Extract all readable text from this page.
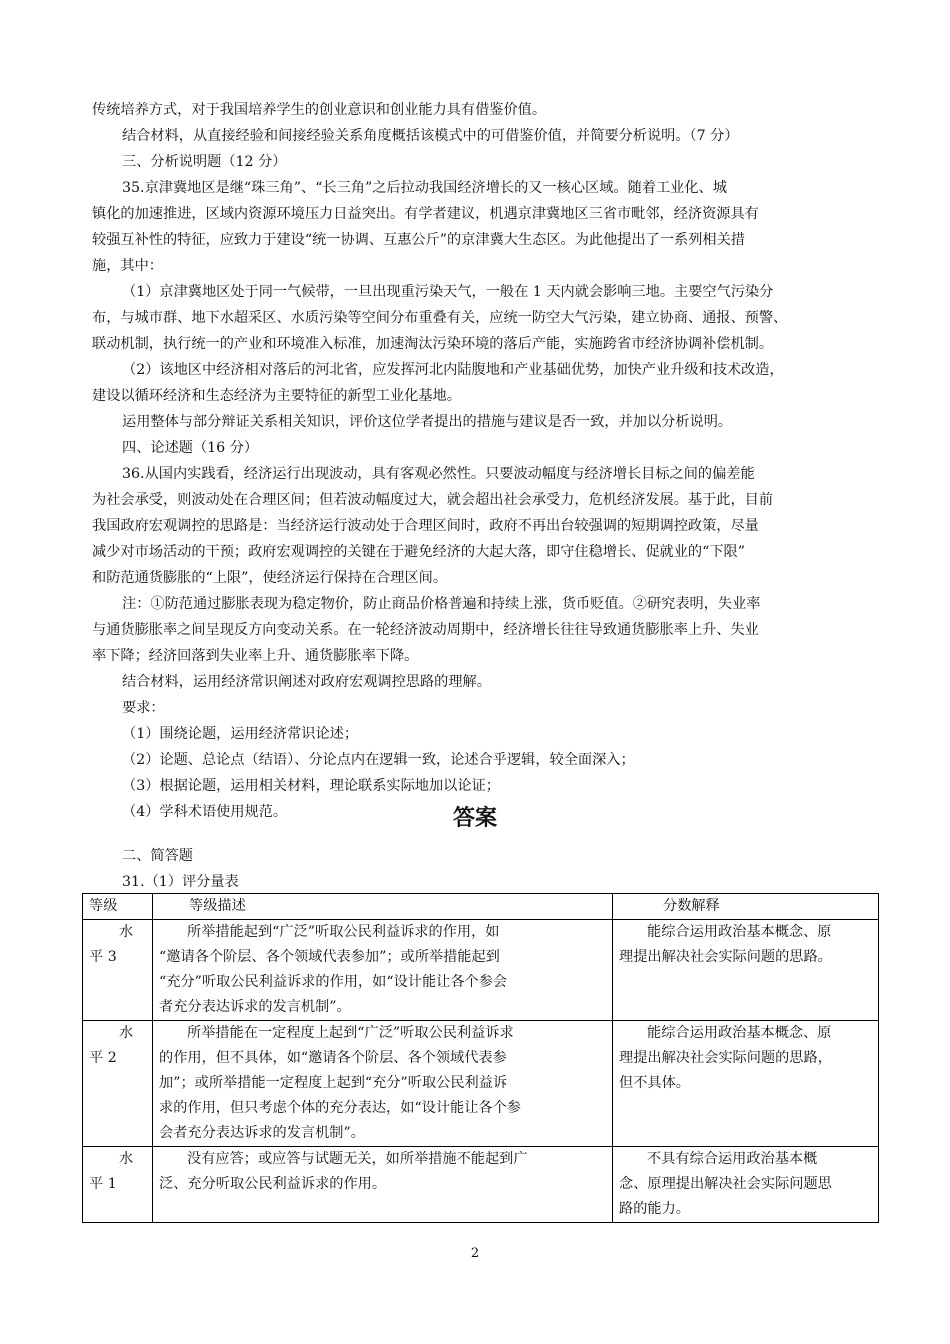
传统培养方式，对于我国培养学生的创业意识和创业能力具有借鉴价值。
结合材料，从直接经验和间接经验关系角度概括该模式中的可借鉴价值，并简要分析说明。（7 分）
三、分析说明题（12 分）
35.京津冀地区是继“珠三角”、“长三角”之后拉动我国经济增长的又一核心区域。随着工业化、城
镇化的加速推进，区域内资源环境压力日益突出。有学者建议，机遇京津冀地区三省市毗邻，经济资源具有
较强互补性的特征，应致力于建设“统一协调、互惠公斤”的京津冀大生态区。为此他提出了一系列相关措
施，其中：
（1）京津冀地区处于同一气候带，一旦出现重污染天气，一般在 1 天内就会影响三地。主要空气污染分
布，与城市群、地下水超采区、水质污染等空间分布重叠有关，应统一防空大气污染，建立协商、通报、预警、
联动机制，执行统一的产业和环境准入标准，加速淘汰污染环境的落后产能，实施跨省市经济协调补偿机制。
（2）该地区中经济相对落后的河北省，应发挥河北内陆腹地和产业基础优势，加快产业升级和技术改造，
建设以循环经济和生态经济为主要特征的新型工业化基地。
运用整体与部分辩证关系相关知识，评价这位学者提出的措施与建议是否一致，并加以分析说明。
四、论述题（16 分）
36.从国内实践看，经济运行出现波动，具有客观必然性。只要波动幅度与经济增长目标之间的偏差能
为社会承受，则波动处在合理区间；但若波动幅度过大，就会超出社会承受力，危机经济发展。基于此，目前
我国政府宏观调控的思路是：当经济运行波动处于合理区间时，政府不再出台较强调的短期调控政策，尽量
减少对市场活动的干预；政府宏观调控的关键在于避免经济的大起大落，即守住稳增长、促就业的“下限”
和防范通货膨胀的“上限”，使经济运行保持在合理区间。
注：①防范通过膨胀表现为稳定物价，防止商品价格普遍和持续上涨，货币贬值。②研究表明，失业率
与通货膨胀率之间呈现反方向变动关系。在一轮经济波动周期中，经济增长往往导致通货膨胀率上升、失业
率下降；经济回落到失业率上升、通货膨胀率下降。
结合材料，运用经济常识阐述对政府宏观调控思路的理解。
要求：
（1）围绕论题，运用经济常识论述；
（2）论题、总论点（结语）、分论点内在逻辑一致，论述合乎逻辑，较全面深入；
（3）根据论题，运用相关材料，理论联系实际地加以论证；
（4）学科术语使用规范。	答案
二、简答题
31.（1）评分量表
等级	等级描述	分数解释

水
平 3	所举措能起到“广泛”听取公民利益诉求的作用，如
“邀请各个阶层、各个领域代表参加”；或所举措能起到
“充分”听取公民利益诉求的作用，如“设计能让各个参会
者充分表达诉求的发言机制”。	能综合运用政治基本概念、原
理提出解决社会实际问题的思路。

水
平 2	所举措能在一定程度上起到“广泛”听取公民利益诉求
的作用，但不具体，如“邀请各个阶层、各个领域代表参
加”；或所举措能一定程度上起到“充分”听取公民利益诉
求的作用，但只考虑个体的充分表达，如“设计能让各个参
会者充分表达诉求的发言机制”。	能综合运用政治基本概念、原
理提出解决社会实际问题的思路，
但不具体。

水
平 1	没有应答；或应答与试题无关，如所举措施不能起到广
泛、充分听取公民利益诉求的作用。	不具有综合运用政治基本概
念、原理提出解决社会实际问题思
路的能力。
2
